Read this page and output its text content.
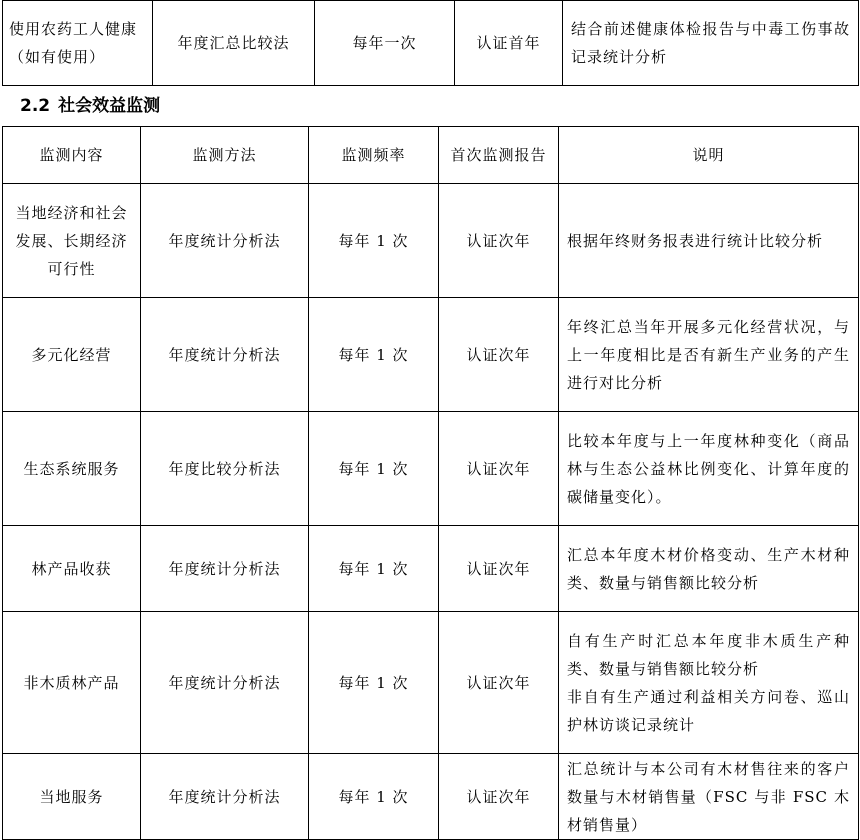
使用农药工人健康（如有使用）	年度汇总比较法	每年一次	认证首年	结合前述健康体检报告与中毒工伤事故记录统计分析
2.2 社会效益监测
监测内容	监测方法	监测频率	首次监测报告	说明
当地经济和社会发展、长期经济可行性	年度统计分析法	每年 1 次	认证次年	根据年终财务报表进行统计比较分析

多元化经营	年度统计分析法	每年 1 次	认证次年	年终汇总当年开展多元化经营状况，与上一年度相比是否有新生产业务的产生进行对比分析

生态系统服务	年度比较分析法	每年 1 次	认证次年	比较本年度与上一年度林种变化（商品林与生态公益林比例变化、计算年度的碳储量变化）。

林产品收获	年度统计分析法	每年 1 次	认证次年	汇总本年度木材价格变动、生产木材种类、数量与销售额比较分析

非木质林产品	年度统计分析法	每年 1 次	认证次年	自有生产时汇总本年度非木质生产种类、数量与销售额比较分析
非自有生产通过利益相关方问卷、巡山护林访谈记录统计

当地服务	年度统计分析法	每年 1 次	认证次年	汇总统计与本公司有木材售往来的客户数量与木材销售量（FSC 与非 FSC 木材销售量）
